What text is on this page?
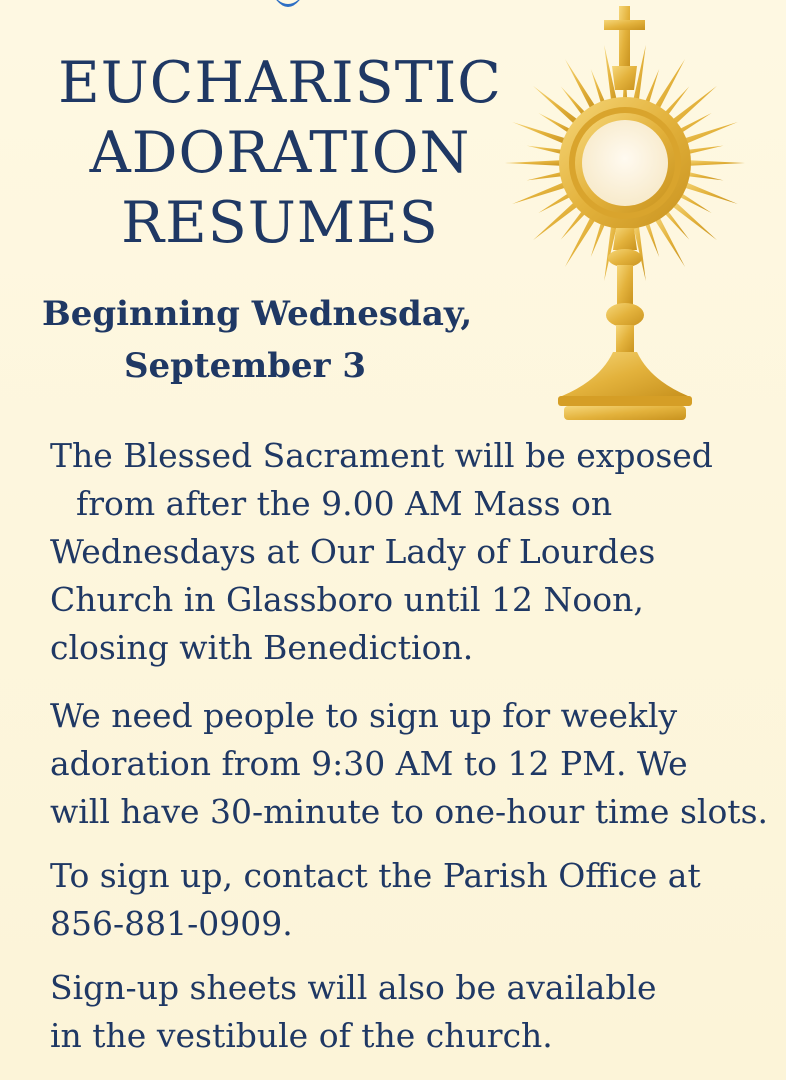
EUCHARISTIC
ADORATION
RESUMES
Beginning Wednesday,
September 3
The Blessed Sacrament will be exposed
from after the 9.00 AM Mass on
Wednesdays at Our Lady of Lourdes
Church in Glassboro until 12 Noon,
closing with Benediction.
We need people to sign up for weekly
adoration from 9:30 AM to 12 PM. We
will have 30-minute to one-hour time slots.
To sign up, contact the Parish Office at
856-881-0909.
Sign-up sheets will also be available
in the vestibule of the church.
